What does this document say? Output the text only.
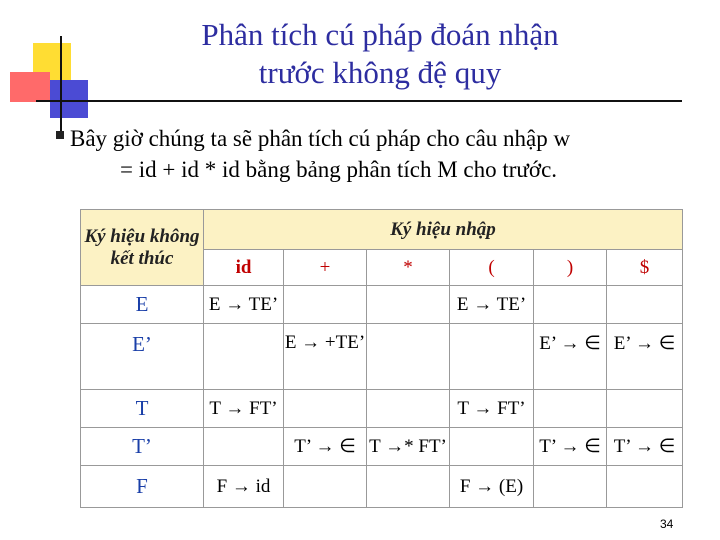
Phân tích cú pháp đoán nhận
trước không đệ quy
Bây giờ chúng ta sẽ phân tích cú pháp cho câu nhập w
= id + id * id bằng bảng phân tích M cho trước.
Ký hiệu không kết thúc	Ký hiệu nhập					
	id	+	*	(	)	$
E	E → TE’			E → TE’		
E’		E → +TE’			E’ → ∈	E’ → ∈
T	T → FT’			T → FT’		
T’		T’ → ∈	T →* FT’		T’ → ∈	T’ → ∈
F	F → id			F → (E)		
34
